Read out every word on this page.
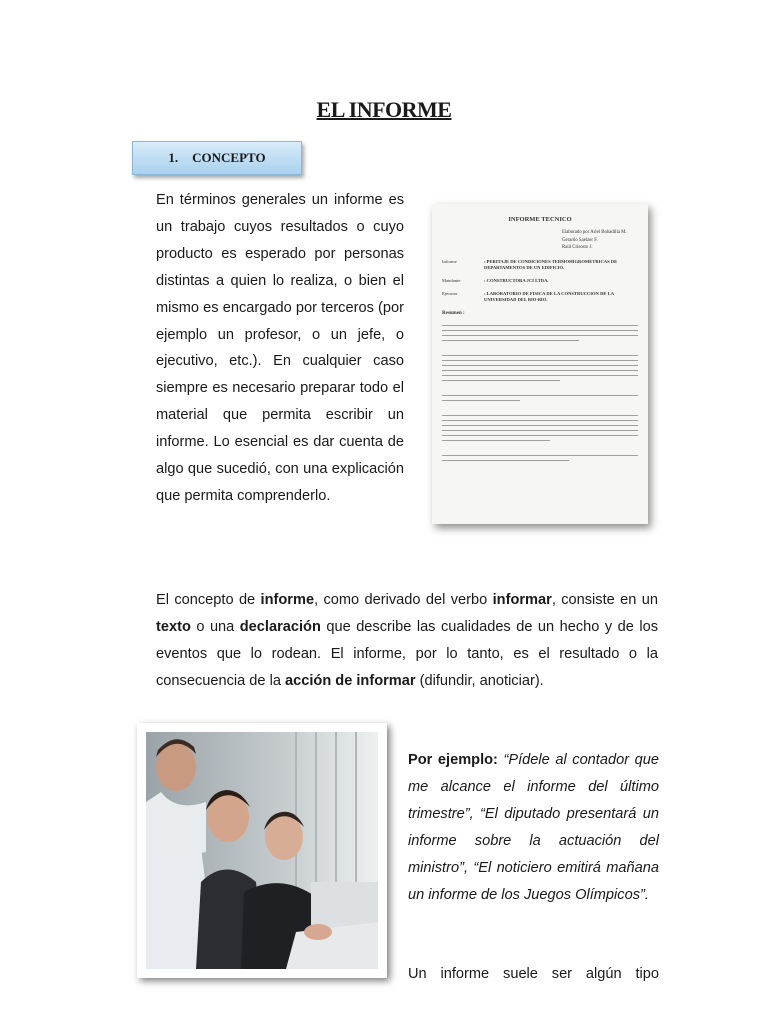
EL INFORME
1. CONCEPTO

En términos generales un informe es un trabajo cuyos resultados o cuyo producto es esperado por personas distintas a quien lo realiza, o bien el mismo es encargado por terceros (por ejemplo un profesor, o un jefe, o ejecutivo, etc.). En cualquier caso siempre es necesario preparar todo el material que permita escribir un informe. Lo esencial es dar cuenta de algo que sucedió, con una explicación que permita comprenderlo.

INFORME TECNICO
Elaborado por Ariel Bobadilla M.
Gerardo Saelzer F.
Raúl Crisosto J.
Informe	: PERITAJE DE CONDICIONES TERMOHIGROMETRICAS DE DEPARTAMENTOS DE UN EDIFICIO.
Mandante	: CONSTRUCTORA JCI LTDA.
Ejecutor	: LABORATORIO DE FISICA DE LA CONSTRUCCION DE LA UNIVERSIDAD DEL BIO-BIO.
Resumen :

El concepto de informe, como derivado del verbo informar, consiste en un texto o una declaración que describe las cualidades de un hecho y de los eventos que lo rodean. El informe, por lo tanto, es el resultado o la consecuencia de la acción de informar (difundir, anoticiar).

Por ejemplo: “Pídele al contador que me alcance el informe del último trimestre”, “El diputado presentará un informe sobre la actuación del ministro”, “El noticiero emitirá mañana un informe de los Juegos Olímpicos”.

Un informe suele ser algún tipo
